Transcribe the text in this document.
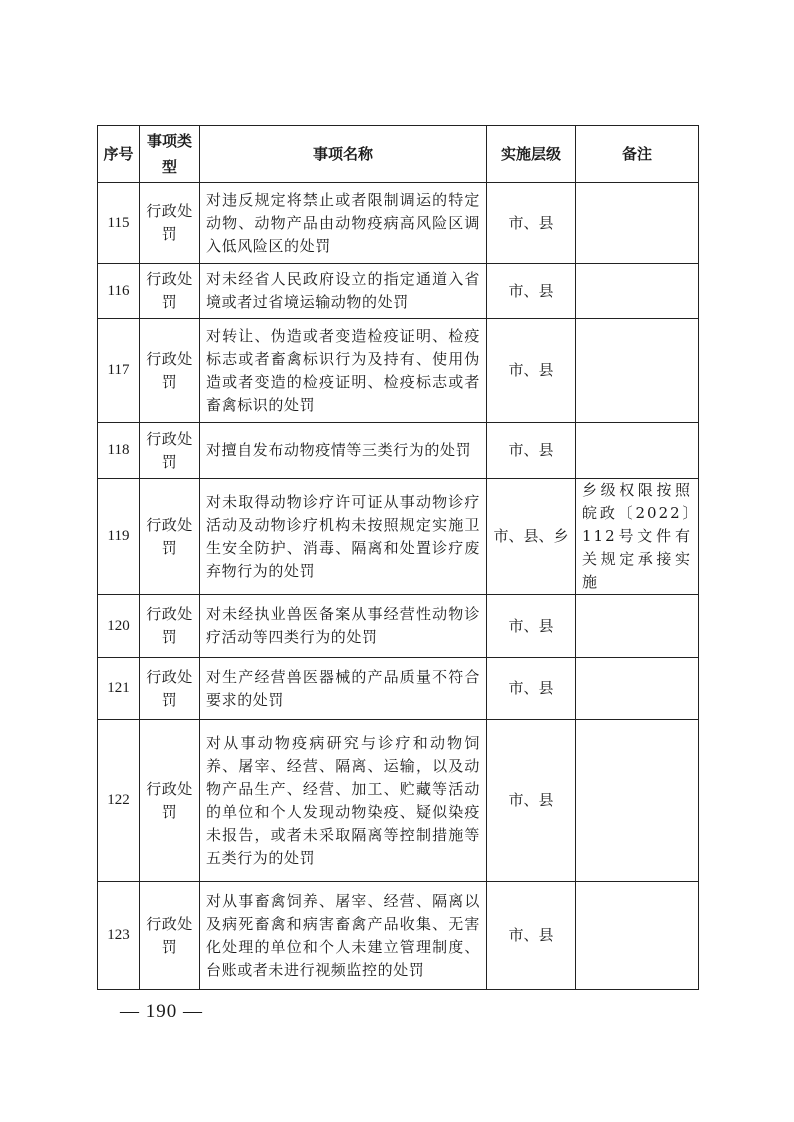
序号	事项类型	事项名称	实施层级	备注
115	行政处罚	对违反规定将禁止或者限制调运的特定动物、动物产品由动物疫病高风险区调入低风险区的处罚	市、县	
116	行政处罚	对未经省人民政府设立的指定通道入省境或者过省境运输动物的处罚	市、县	
117	行政处罚	对转让、伪造或者变造检疫证明、检疫标志或者畜禽标识行为及持有、使用伪造或者变造的检疫证明、检疫标志或者畜禽标识的处罚	市、县	
118	行政处罚	对擅自发布动物疫情等三类行为的处罚	市、县	
119	行政处罚	对未取得动物诊疗许可证从事动物诊疗活动及动物诊疗机构未按照规定实施卫生安全防护、消毒、隔离和处置诊疗废弃物行为的处罚	市、县、乡	乡级权限按照皖政〔2022〕112号文件有关规定承接实施
120	行政处罚	对未经执业兽医备案从事经营性动物诊疗活动等四类行为的处罚	市、县	
121	行政处罚	对生产经营兽医器械的产品质量不符合要求的处罚	市、县	
122	行政处罚	对从事动物疫病研究与诊疗和动物饲养、屠宰、经营、隔离、运输，以及动物产品生产、经营、加工、贮藏等活动的单位和个人发现动物染疫、疑似染疫未报告，或者未采取隔离等控制措施等五类行为的处罚	市、县	
123	行政处罚	对从事畜禽饲养、屠宰、经营、隔离以及病死畜禽和病害畜禽产品收集、无害化处理的单位和个人未建立管理制度、台账或者未进行视频监控的处罚	市、县	
— 190 —
